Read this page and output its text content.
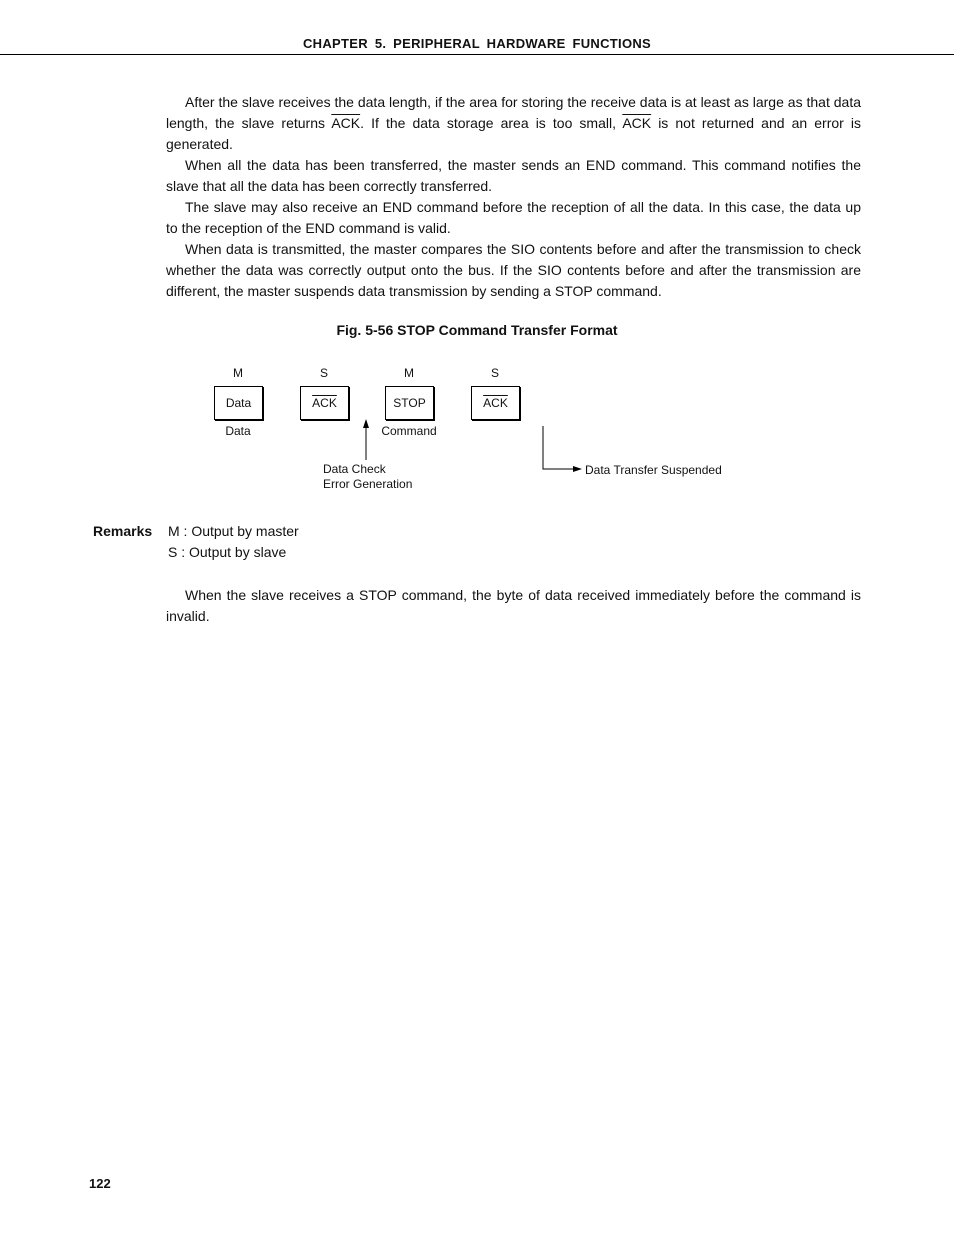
CHAPTER 5. PERIPHERAL HARDWARE FUNCTIONS

After the slave receives the data length, if the area for storing the receive data is at least as large as that data length, the slave returns $\overline{ACK}$. If the data storage area is too small, $\overline{ACK}$ is not returned and an error is generated.

When all the data has been transferred, the master sends an END command. This command notifies the slave that all the data has been correctly transferred.

The slave may also receive an END command before the reception of all the data. In this case, the data up to the reception of the END command is valid.

When data is transmitted, the master compares the SIO contents before and after the transmission to check whether the data was correctly output onto the bus. If the SIO contents before and after the transmission are different, the master suspends data transmission by sending a STOP command.

Fig. 5-56 STOP Command Transfer Format
M	S	M	S
Data	$\overline{ACK}$	STOP	$\overline{ACK}$
Data	Command
Data Check
Error Generation
Data Transfer Suspended
Remarks M : Output by master
S : Output by slave

When the slave receives a STOP command, the byte of data received immediately before the command is invalid.

122
